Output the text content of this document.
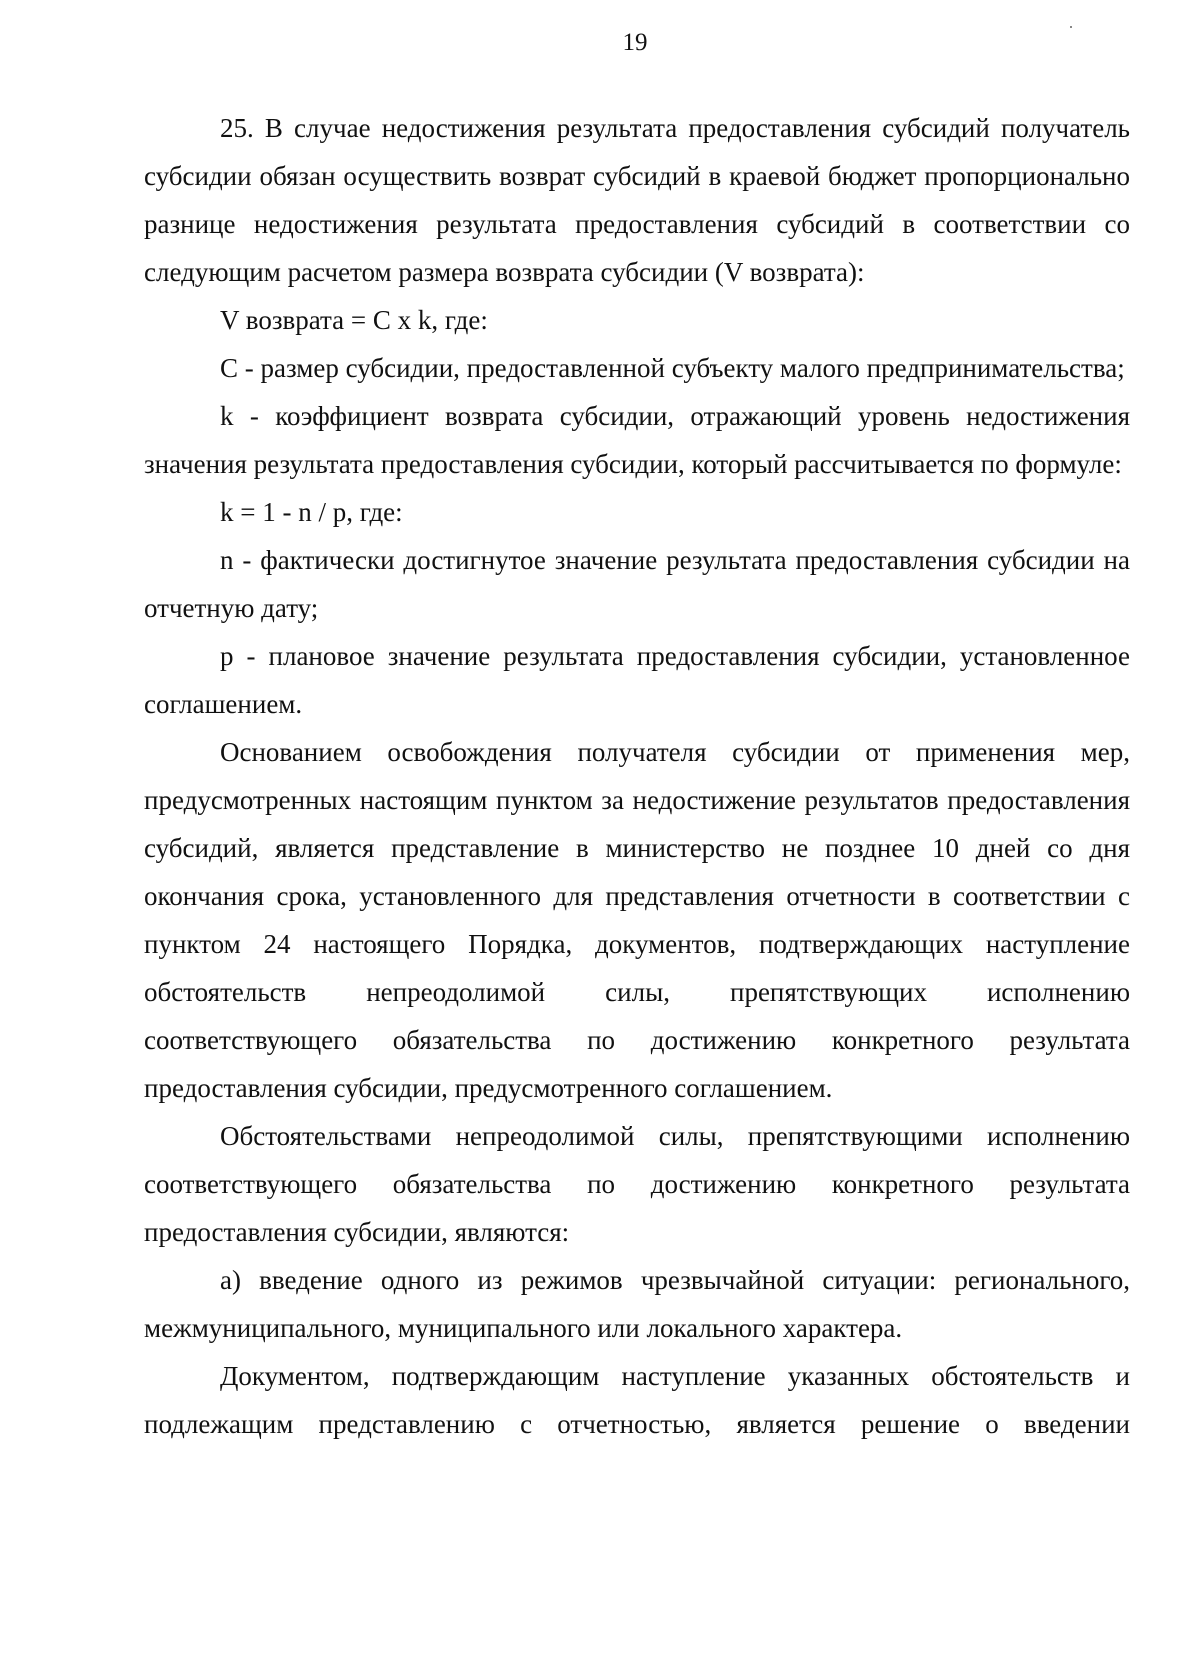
19

25. В случае недостижения результата предоставления субсидий получатель субсидии обязан осуществить возврат субсидий в краевой бюджет пропорционально разнице недостижения результата предоставления субсидий в соответствии со следующим расчетом размера возврата субсидии (V возврата):

V возврата = С х k, где:

С - размер субсидии, предоставленной субъекту малого предпринимательства;

k - коэффициент возврата субсидии, отражающий уровень недостижения значения результата предоставления субсидии, который рассчитывается по формуле:

k = 1 - n / p, где:

n - фактически достигнутое значение результата предоставления субсидии на отчетную дату;

p - плановое значение результата предоставления субсидии, установленное соглашением.

Основанием освобождения получателя субсидии от применения мер, предусмотренных настоящим пунктом за недостижение результатов предоставления субсидий, является представление в министерство не позднее 10 дней со дня окончания срока, установленного для представления отчетности в соответствии с пунктом 24 настоящего Порядка, документов, подтверждающих наступление обстоятельств непреодолимой силы, препятствующих исполнению соответствующего обязательства по достижению конкретного результата предоставления субсидии, предусмотренного соглашением.

Обстоятельствами непреодолимой силы, препятствующими исполнению соответствующего обязательства по достижению конкретного результата предоставления субсидии, являются:

а) введение одного из режимов чрезвычайной ситуации: регионального, межмуниципального, муниципального или локального характера.

Документом, подтверждающим наступление указанных обстоятельств и подлежащим представлению с отчетностью, является решение о введении
